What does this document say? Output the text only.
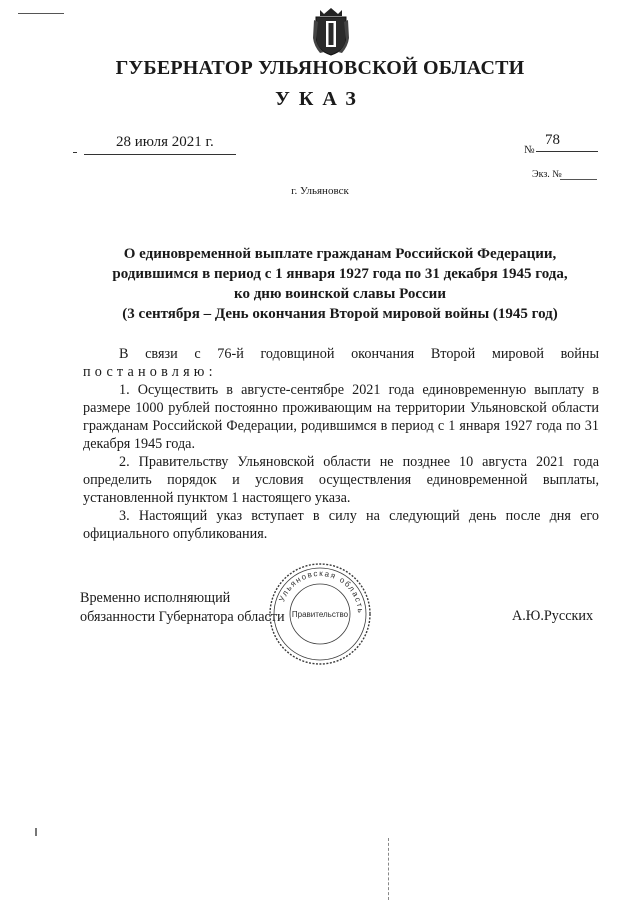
ГУБЕРНАТОР УЛЬЯНОВСКОЙ ОБЛАСТИ
УКАЗ
28 июля 2021 г.	№
78
Экз. №
г. Ульяновск
О единовременной выплате гражданам Российской Федерации,
родившимся в период с 1 января 1927 года по 31 декабря 1945 года,
ко дню воинской славы России
(3 сентября – День окончания Второй мировой войны (1945 год)

В связи с 76-й годовщиной окончания Второй мировой войны

постановляю:

1. Осуществить в августе-сентябре 2021 года единовременную выплату в размере 1000 рублей постоянно проживающим на территории Ульяновской области гражданам Российской Федерации, родившимся в период с 1 января 1927 года по 31 декабря 1945 года.

2. Правительству Ульяновской области не позднее 10 августа 2021 года определить порядок и условия осуществления единовременной выплаты, установленной пунктом 1 настоящего указа.

3. Настоящий указ вступает в силу на следующий день после дня его официального опубликования.

Временно исполняющий
обязанности Губернатора области	А.Ю.Русских
Ульяновская область
Правительство
